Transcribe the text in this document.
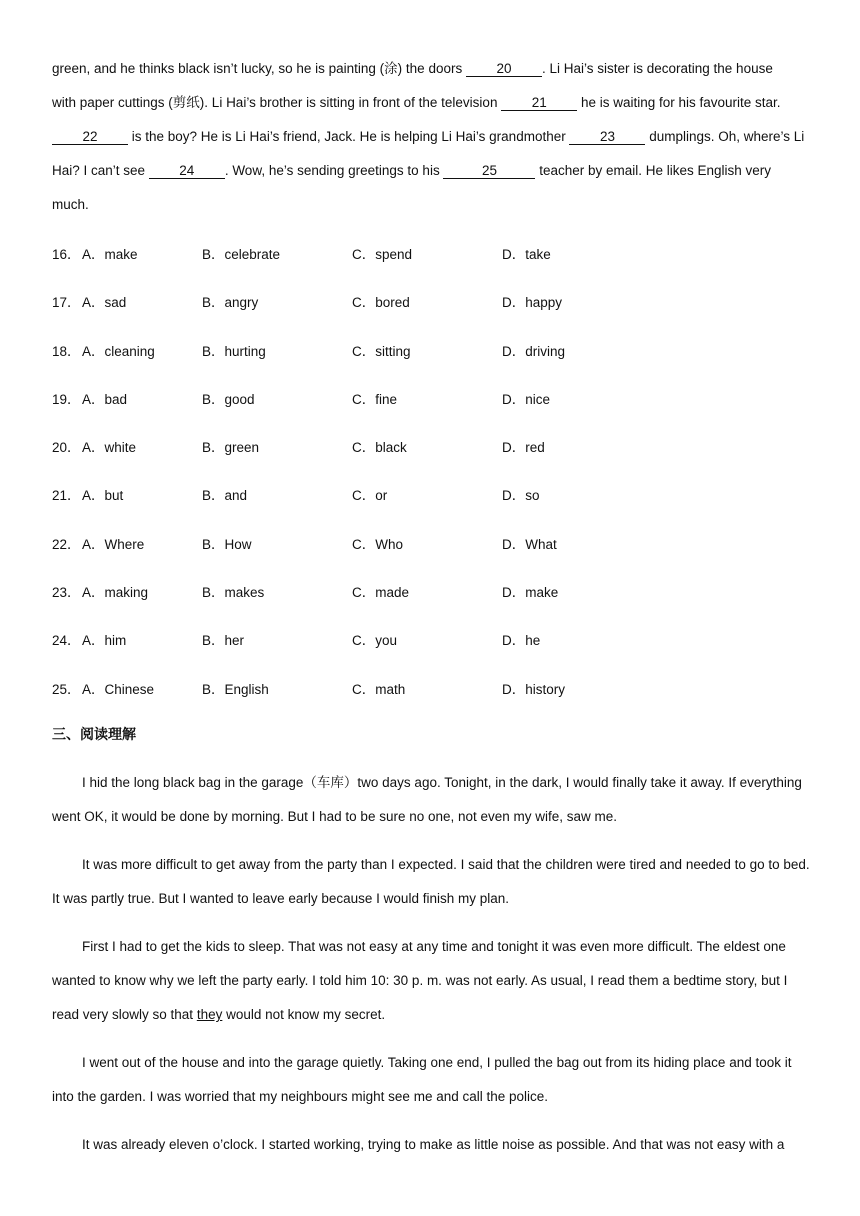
green, and he thinks black isn’t lucky, so he is painting (涂) the doors 20 . Li Hai’s sister is decorating the house

with paper cuttings (剪纸). Li Hai’s brother is sitting in front of the television 21 he is waiting for his favourite star.

22 is the boy? He is Li Hai’s friend, Jack. He is helping Li Hai’s grandmother 23 dumplings. Oh, where’s Li

Hai? I can’t see 24 . Wow, he’s sending greetings to his	25	teacher by email. He likes English very

much.

16． A．make	B．celebrate	C．spend	D．take
17． A．sad	B．angry	C．bored	D．happy
18． A．cleaning	B．hurting	C．sitting	D．driving
19． A．bad	B．good	C．fine	D．nice
20． A．white	B．green	C．black	D．red
21． A．but	B．and	C．or	D．so
22． A．Where	B．How	C．Who	D．What
23． A．making	B．makes	C．made	D．make
24． A．him	B．her	C．you	D．he
25． A．Chinese	B．English	C．math	D．history
三、阅读理解

I hid the long black bag in the garage（车库）two days ago. Tonight, in the dark, I would finally take it away. If everything went OK, it would be done by morning. But I had to be sure no one, not even my wife, saw me.

It was more difficult to get away from the party than I expected. I said that the children were tired and needed to go to bed. It was partly true. But I wanted to leave early because I would finish my plan.

First I had to get the kids to sleep. That was not easy at any time and tonight it was even more difficult. The eldest one wanted to know why we left the party early. I told him 10: 30 p. m. was not early. As usual, I read them a bedtime story, but I read very slowly so that they would not know my secret.

I went out of the house and into the garage quietly. Taking one end, I pulled the bag out from its hiding place and took it into the garden. I was worried that my neighbours might see me and call the police.

It was already eleven o’clock. I started working, trying to make as little noise as possible. And that was not easy with a
